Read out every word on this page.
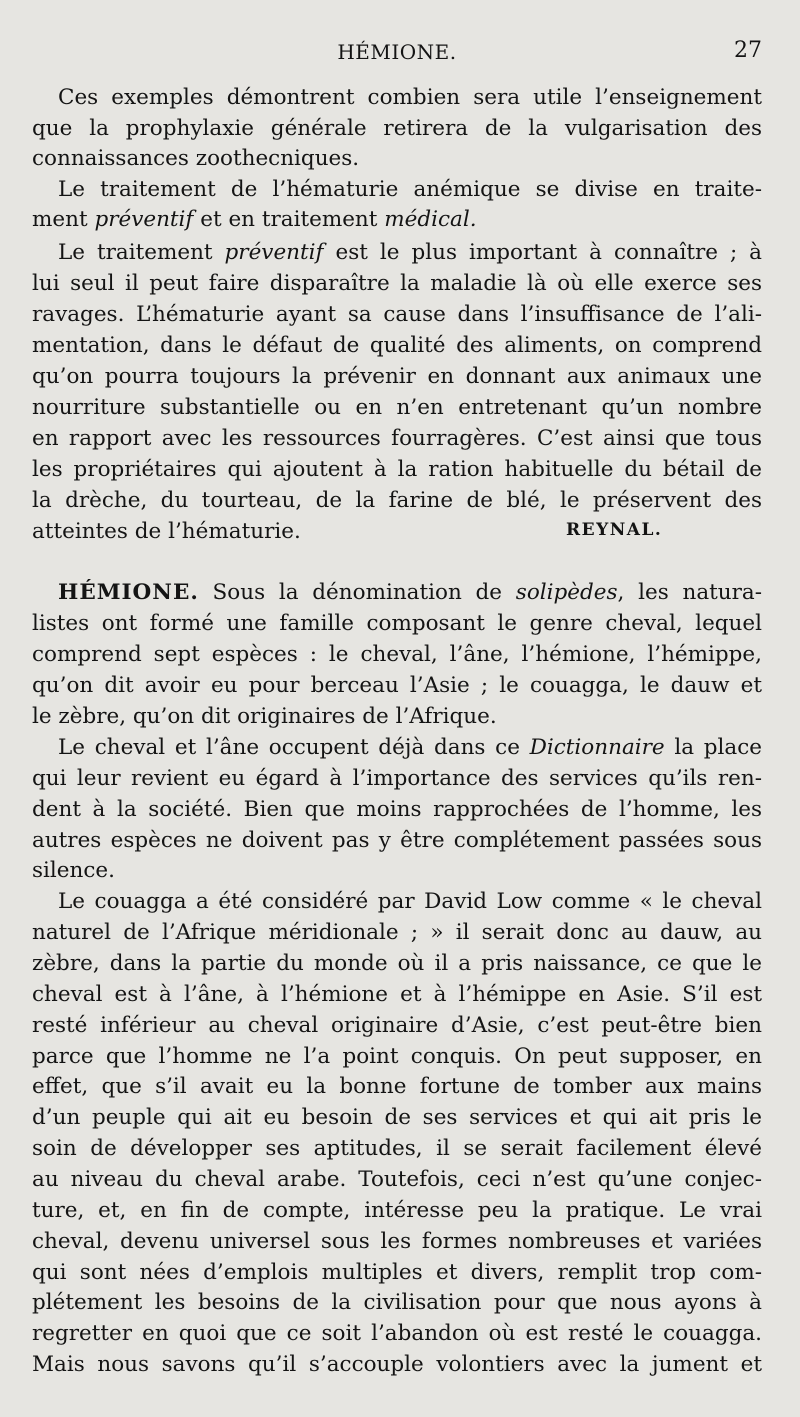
HÉMIONE.	27
Ces exemples démontrent combien sera utile l’enseignement
que la prophylaxie générale retirera de la vulgarisation des
connaissances zoothecniques.
Le traitement de l’hématurie anémique se divise en traite-
ment préventif et en traitement médical.
Le traitement préventif est le plus important à connaître ; à
lui seul il peut faire disparaître la maladie là où elle exerce ses
ravages. L’hématurie ayant sa cause dans l’insuffisance de l’ali-
mentation, dans le défaut de qualité des aliments, on comprend
qu’on pourra toujours la prévenir en donnant aux animaux une
nourriture substantielle ou en n’en entretenant qu’un nombre
en rapport avec les ressources fourragères. C’est ainsi que tous
les propriétaires qui ajoutent à la ration habituelle du bétail de
la drèche, du tourteau, de la farine de blé, le préservent des
atteintes de l’hématurie.	REYNAL.
HÉMIONE. Sous la dénomination de solipèdes, les natura-
listes ont formé une famille composant le genre cheval, lequel
comprend sept espèces : le cheval, l’âne, l’hémione, l’hémippe,
qu’on dit avoir eu pour berceau l’Asie ; le couagga, le dauw et
le zèbre, qu’on dit originaires de l’Afrique.
Le cheval et l’âne occupent déjà dans ce Dictionnaire la place
qui leur revient eu égard à l’importance des services qu’ils ren-
dent à la société. Bien que moins rapprochées de l’homme, les
autres espèces ne doivent pas y être complétement passées sous
silence.
Le couagga a été considéré par David Low comme « le cheval
naturel de l’Afrique méridionale ; » il serait donc au dauw, au
zèbre, dans la partie du monde où il a pris naissance, ce que le
cheval est à l’âne, à l’hémione et à l’hémippe en Asie. S’il est
resté inférieur au cheval originaire d’Asie, c’est peut-être bien
parce que l’homme ne l’a point conquis. On peut supposer, en
effet, que s’il avait eu la bonne fortune de tomber aux mains
d’un peuple qui ait eu besoin de ses services et qui ait pris le
soin de développer ses aptitudes, il se serait facilement élevé
au niveau du cheval arabe. Toutefois, ceci n’est qu’une conjec-
ture, et, en fin de compte, intéresse peu la pratique. Le vrai
cheval, devenu universel sous les formes nombreuses et variées
qui sont nées d’emplois multiples et divers, remplit trop com-
plétement les besoins de la civilisation pour que nous ayons à
regretter en quoi que ce soit l’abandon où est resté le couagga.
Mais nous savons qu’il s’accouple volontiers avec la jument et
